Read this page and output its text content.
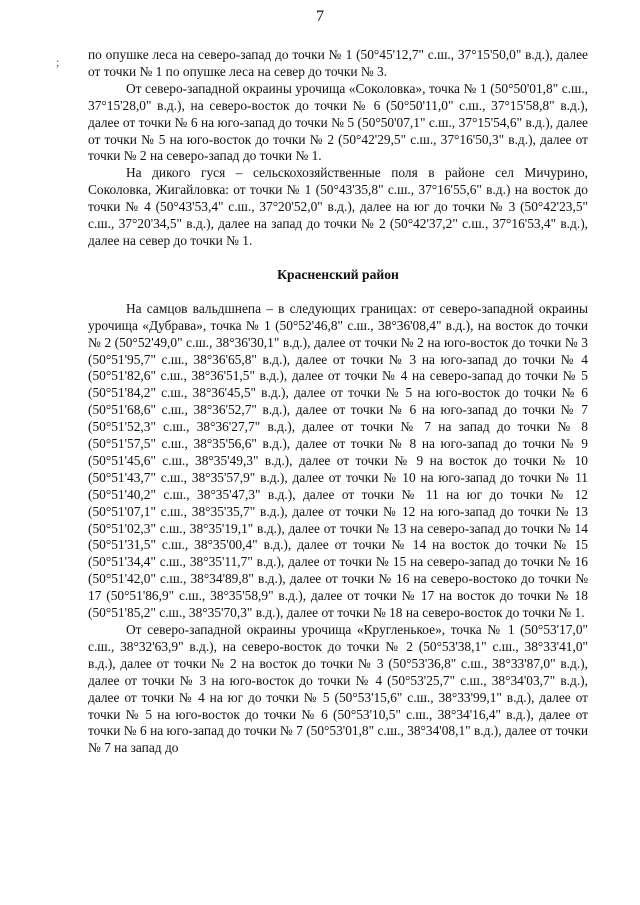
7
; по опушке леса на северо-запад до точки № 1 (50°45'12,7" с.ш., 37°15'50,0" в.д.), далее от точки № 1 по опушке леса на север до точки № 3.

От северо-западной окраины урочища «Соколовка», точка № 1 (50°50'01,8" с.ш., 37°15'28,0" в.д.), на северо-восток до точки № 6 (50°50'11,0" с.ш., 37°15'58,8" в.д.), далее от точки № 6 на юго-запад до точки № 5 (50°50'07,1" с.ш., 37°15'54,6" в.д.), далее от точки № 5 на юго-восток до точки № 2 (50°42'29,5" с.ш., 37°16'50,3" в.д.), далее от точки № 2 на северо-запад до точки № 1.

На дикого гуся – сельскохозяйственные поля в районе сел Мичурино, Соколовка, Жигайловка: от точки № 1 (50°43'35,8" с.ш., 37°16'55,6" в.д.) на восток до точки № 4 (50°43'53,4" с.ш., 37°20'52,0" в.д.), далее на юг до точки № 3 (50°42'23,5" с.ш., 37°20'34,5" в.д.), далее на запад до точки № 2 (50°42'37,2" с.ш., 37°16'53,4" в.д.), далее на север до точки № 1.

Красненский район

На самцов вальдшнепа – в следующих границах: от северо-западной окраины урочища «Дубрава», точка № 1 (50°52'46,8" с.ш., 38°36'08,4" в.д.), на восток до точки № 2 (50°52'49,0" с.ш., 38°36'30,1" в.д.), далее от точки № 2 на юго-восток до точки № 3 (50°51'95,7" с.ш., 38°36'65,8" в.д.), далее от точки № 3 на юго-запад до точки № 4 (50°51'82,6" с.ш., 38°36'51,5" в.д.), далее от точки № 4 на северо-запад до точки № 5 (50°51'84,2" с.ш., 38°36'45,5" в.д.), далее от точки № 5 на юго-восток до точки № 6 (50°51'68,6" с.ш., 38°36'52,7" в.д.), далее от точки № 6 на юго-запад до точки № 7 (50°51'52,3" с.ш., 38°36'27,7" в.д.), далее от точки № 7 на запад до точки № 8 (50°51'57,5" с.ш., 38°35'56,6" в.д.), далее от точки № 8 на юго-запад до точки № 9 (50°51'45,6" с.ш., 38°35'49,3" в.д.), далее от точки № 9 на восток до точки № 10 (50°51'43,7" с.ш., 38°35'57,9" в.д.), далее от точки № 10 на юго-запад до точки № 11 (50°51'40,2" с.ш., 38°35'47,3" в.д.), далее от точки № 11 на юг до точки № 12 (50°51'07,1" с.ш., 38°35'35,7" в.д.), далее от точки № 12 на юго-запад до точки № 13 (50°51'02,3" с.ш., 38°35'19,1" в.д.), далее от точки № 13 на северо-запад до точки № 14 (50°51'31,5" с.ш., 38°35'00,4" в.д.), далее от точки № 14 на восток до точки № 15 (50°51'34,4" с.ш., 38°35'11,7" в.д.), далее от точки № 15 на северо-запад до точки № 16 (50°51'42,0" с.ш., 38°34'89,8" в.д.), далее от точки № 16 на северо-востоко до точки № 17 (50°51'86,9" с.ш., 38°35'58,9" в.д.), далее от точки № 17 на восток до точки № 18 (50°51'85,2" с.ш., 38°35'70,3" в.д.), далее от точки № 18 на северо-восток до точки № 1.

От северо-западной окраины урочища «Кругленькое», точка № 1 (50°53'17,0" с.ш., 38°32'63,9" в.д.), на северо-восток до точки № 2 (50°53'38,1" с.ш., 38°33'41,0" в.д.), далее от точки № 2 на восток до точки № 3 (50°53'36,8" с.ш., 38°33'87,0" в.д.), далее от точки № 3 на юго-восток до точки № 4 (50°53'25,7" с.ш., 38°34'03,7" в.д.), далее от точки № 4 на юг до точки № 5 (50°53'15,6" с.ш., 38°33'99,1" в.д.), далее от точки № 5 на юго-восток до точки № 6 (50°53'10,5" с.ш., 38°34'16,4" в.д.), далее от точки № 6 на юго-запад до точки № 7 (50°53'01,8" с.ш., 38°34'08,1" в.д.), далее от точки № 7 на запад до
